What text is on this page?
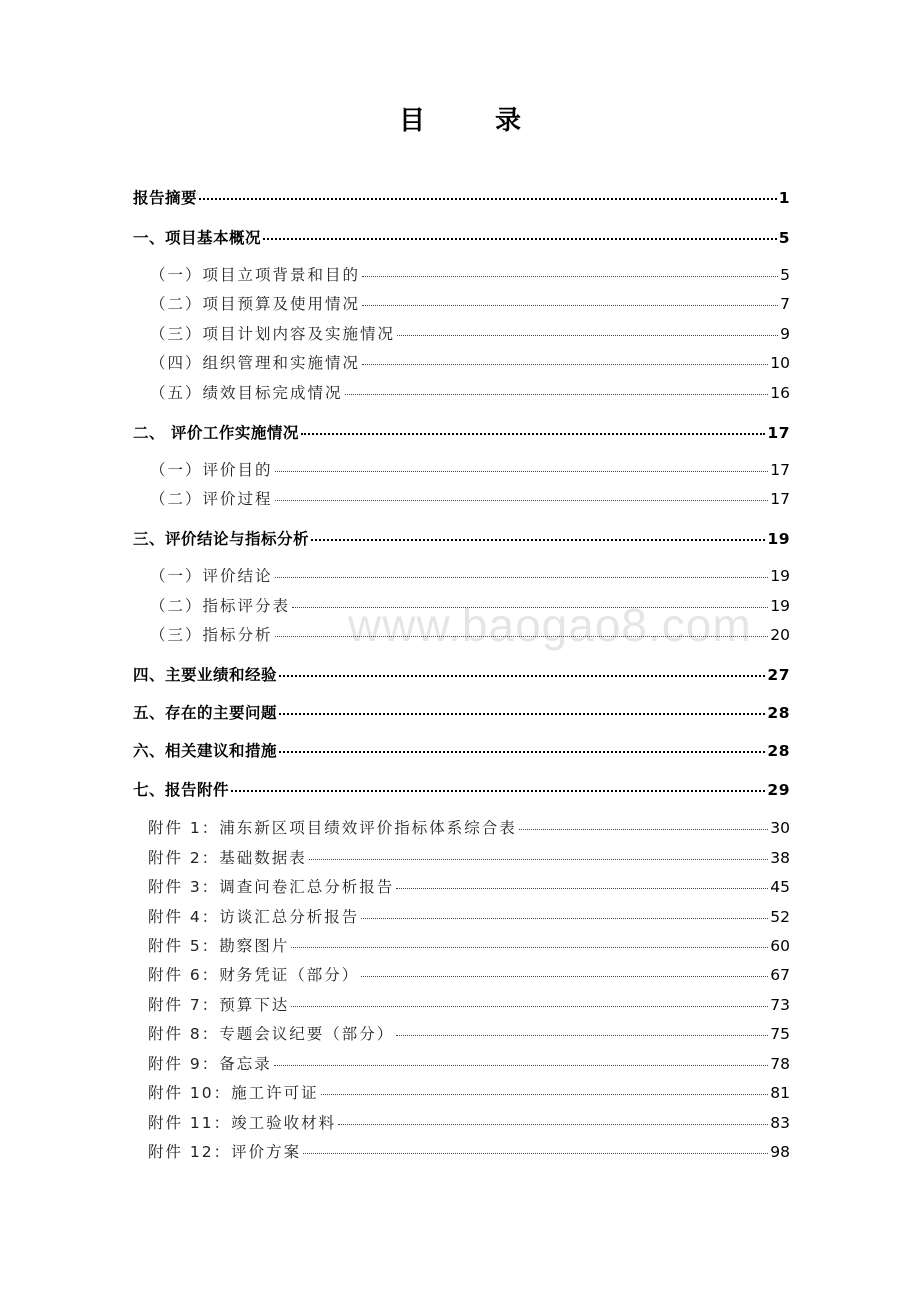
目　录
报告摘要	1
一、项目基本概况	5
（一）项目立项背景和目的	5
（二）项目预算及使用情况	7
（三）项目计划内容及实施情况	9
（四）组织管理和实施情况	10
（五）绩效目标完成情况	16
二、 评价工作实施情况	17
（一）评价目的	17
（二）评价过程	17
三、评价结论与指标分析	19
（一）评价结论	19
（二）指标评分表	19
（三）指标分析	20
四、主要业绩和经验	27
五、存在的主要问题	28
六、相关建议和措施	28
七、报告附件	29
附件 1：浦东新区项目绩效评价指标体系综合表	30
附件 2：基础数据表	38
附件 3：调查问卷汇总分析报告	45
附件 4：访谈汇总分析报告	52
附件 5：勘察图片	60
附件 6：财务凭证（部分）	67
附件 7：预算下达	73
附件 8：专题会议纪要（部分）	75
附件 9：备忘录	78
附件 10：施工许可证	81
附件 11：竣工验收材料	83
附件 12：评价方案	98
www.baogao8.com
